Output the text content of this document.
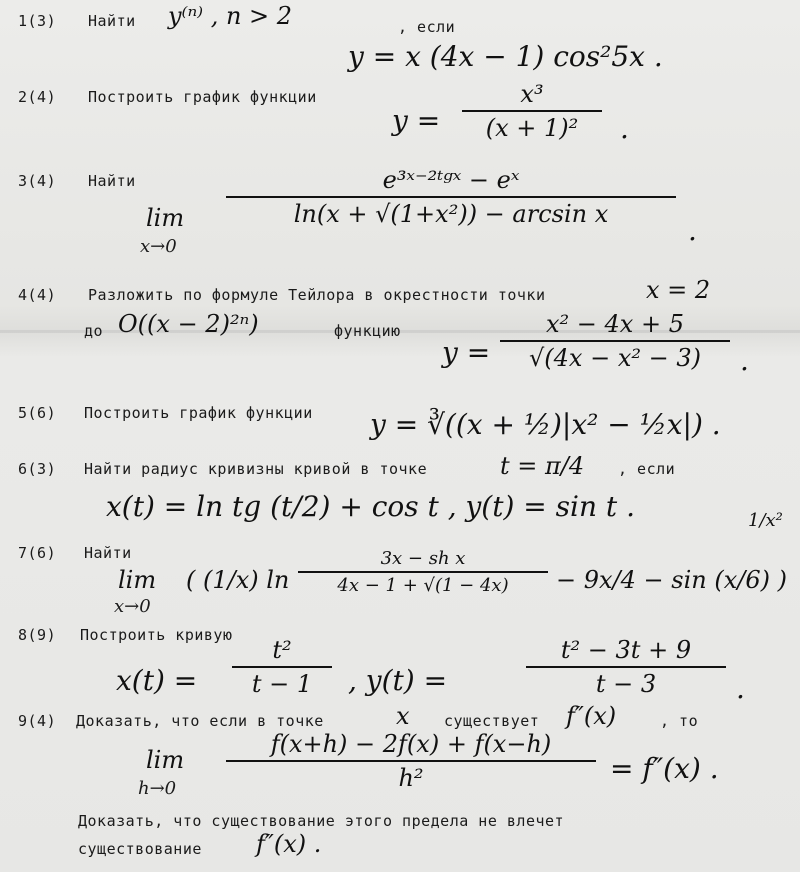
1(3) Найти y⁽ⁿ⁾ , n > 2	, если
y = x (4x − 1) cos²5x .
2(4) Построить график функции
y =
x³
(x + 1)²	.
3(4) Найти
lim
x→0
e³ˣ⁻²ᵗᵍˣ − eˣ
ln(x + √(1+x²)) − arcsin x	.
4(4) Разложить по формуле Тейлора в окрестности точки	x = 2
до O((x − 2)²ⁿ)	функцию
y =
x² − 4x + 5
√(4x − x² − 3)	.
5(6) Построить график функции y = ∛((x + ½)|x² − ½x|) .
6(3) Найти радиус кривизны кривой в точке	t = π/4 , если
x(t) = ln tg (t/2) + cos t , y(t) = sin t .
7(6) Найти
lim
x→0
( (1/x) ln
3x − sh x
4x − 1 + √(1 − 4x)	− 9x/4 − sin (x/6) )
1/x²
8(9) Построить кривую
x(t) =
t²
t − 1	, y(t) =
t² − 3t + 9
t − 3	.
9(4) Доказать, что если в точке	x существует f″(x)	, то
lim
h→0
f(x+h) − 2f(x) + f(x−h)
h²	= f″(x) .
Доказать, что существование этого предела не влечет
существование f″(x) .
